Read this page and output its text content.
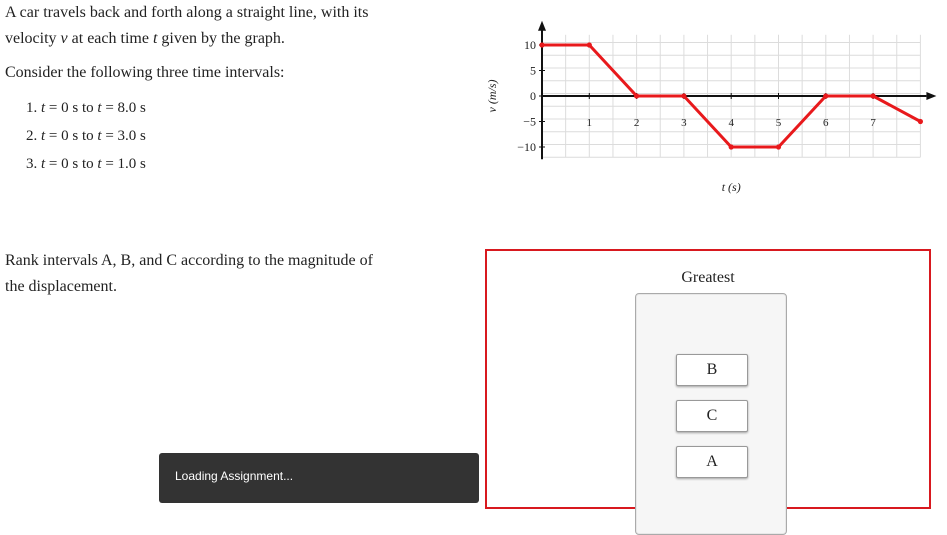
A car travels back and forth along a straight line, with its
velocity v at each time t given by the graph.
Consider the following three time intervals:
1. t = 0 s to t = 8.0 s
2. t = 0 s to t = 3.0 s
3. t = 0 s to t = 1.0 s
1	2	3	4	5	6	7
10
5
0
−5
−10
t (s)
v (m/s)
Rank intervals A, B, and C according to the magnitude of
the displacement.
Greatest
B
C
A
Loading Assignment...
